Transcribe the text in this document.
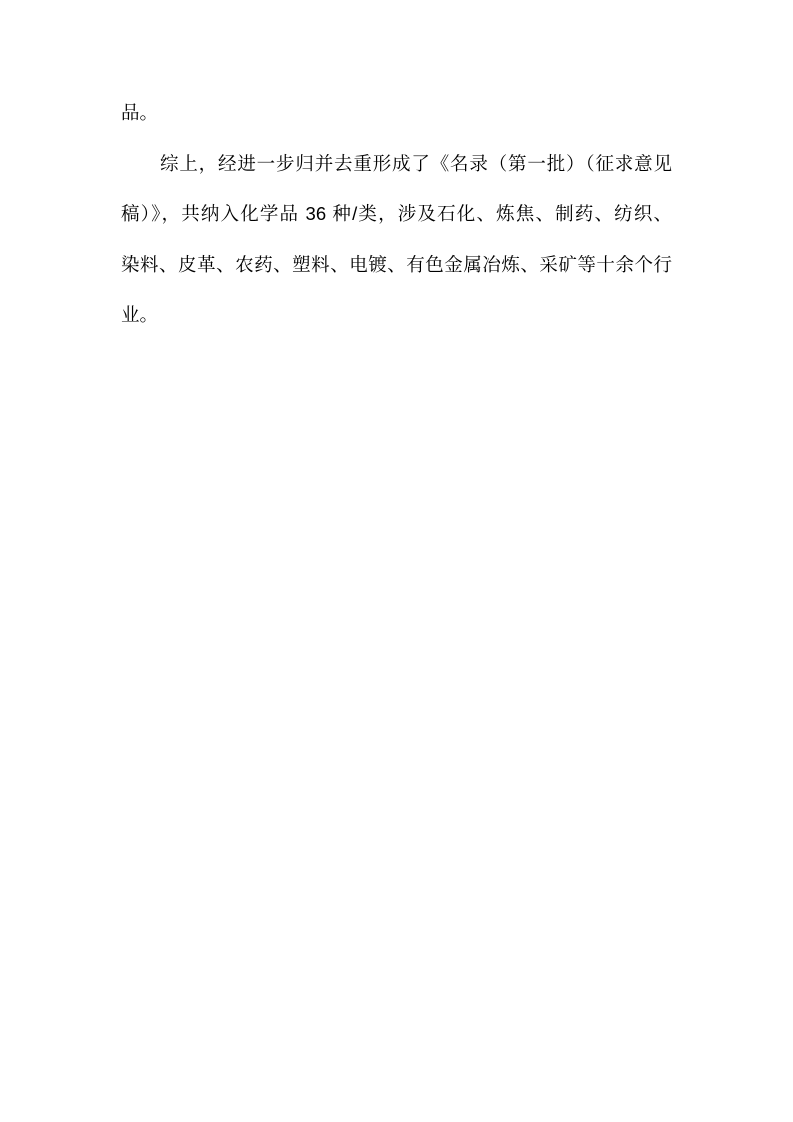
品。
综上，经进一步归并去重形成了《名录（第一批）（征求意见
稿）》，共纳入化学品 36 种/类，涉及石化、炼焦、制药、纺织、
染料、皮革、农药、塑料、电镀、有色金属冶炼、采矿等十余个行
业。
